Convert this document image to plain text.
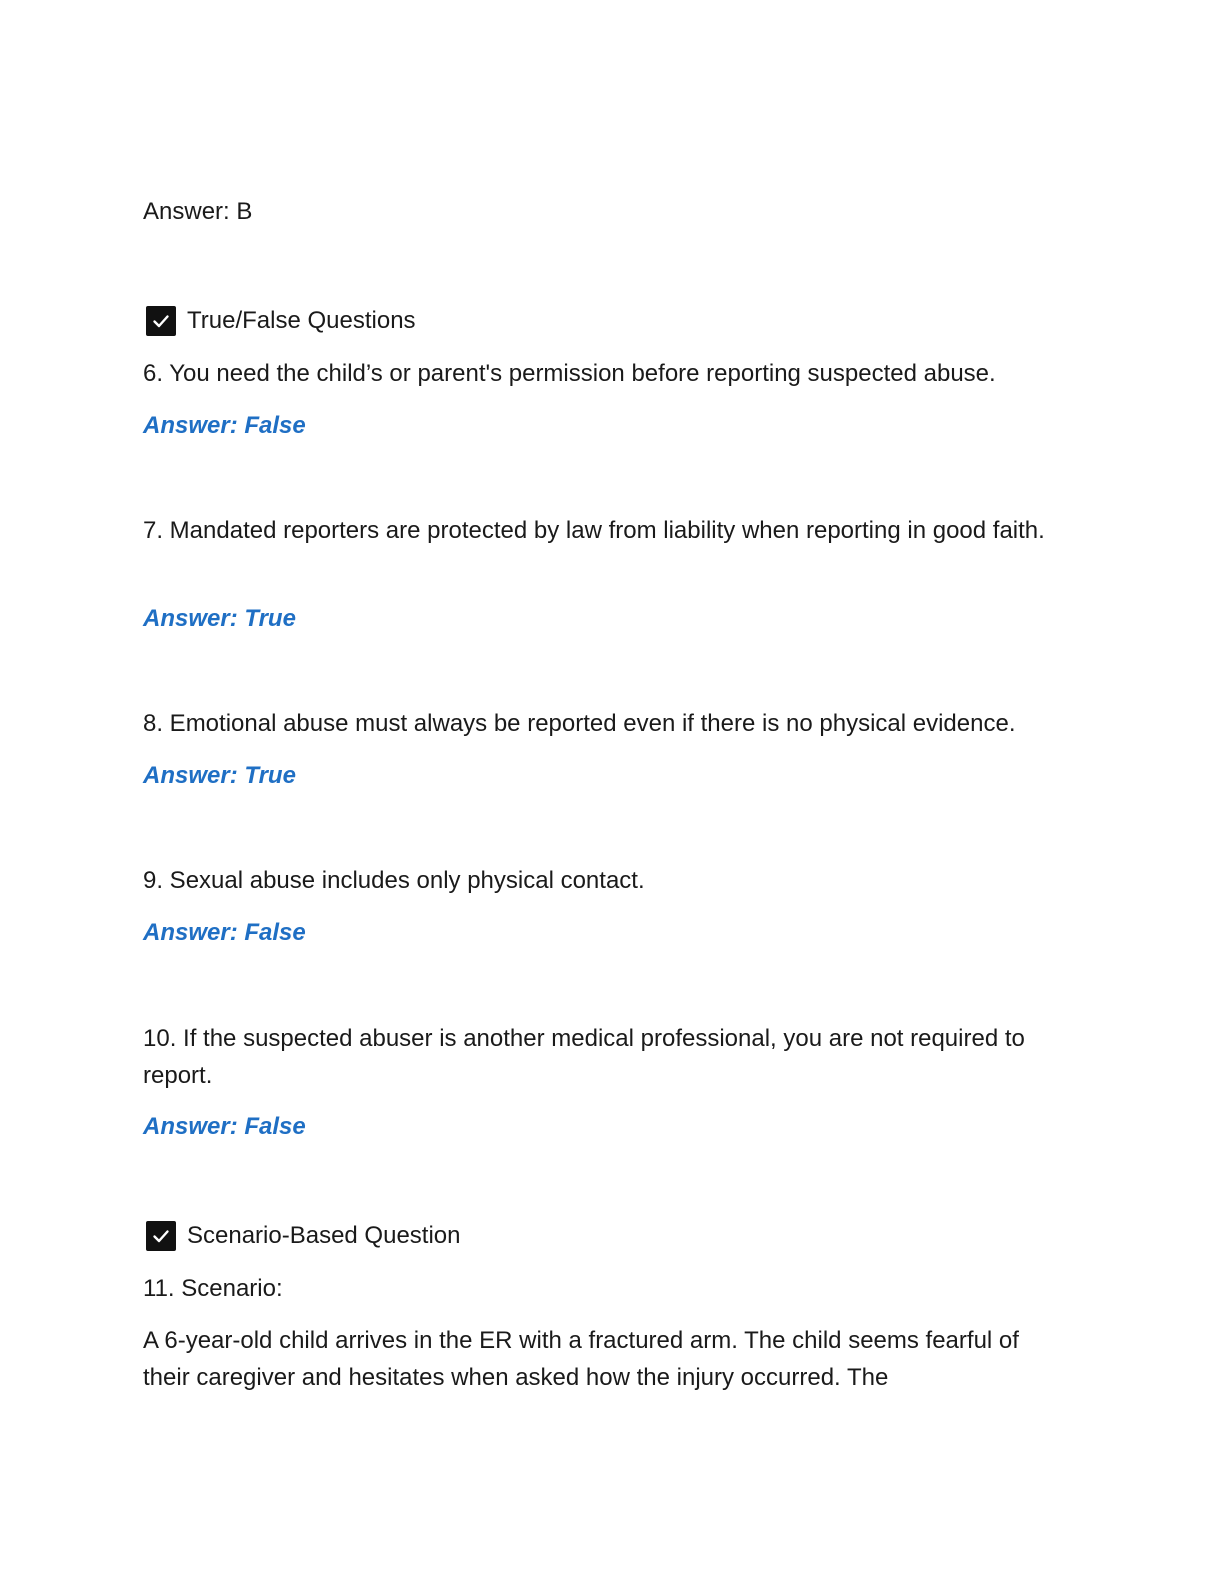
Answer: B
True/False Questions
6. You need the child’s or parent's permission before reporting suspected abuse.
Answer: False
7. Mandated reporters are protected by law from liability when reporting in good faith.
Answer: True
8. Emotional abuse must always be reported even if there is no physical evidence.
Answer: True
9. Sexual abuse includes only physical contact.
Answer: False
10. If the suspected abuser is another medical professional, you are not required to report.
Answer: False
Scenario-Based Question
11. Scenario:
A 6-year-old child arrives in the ER with a fractured arm. The child seems fearful of their caregiver and hesitates when asked how the injury occurred. The
